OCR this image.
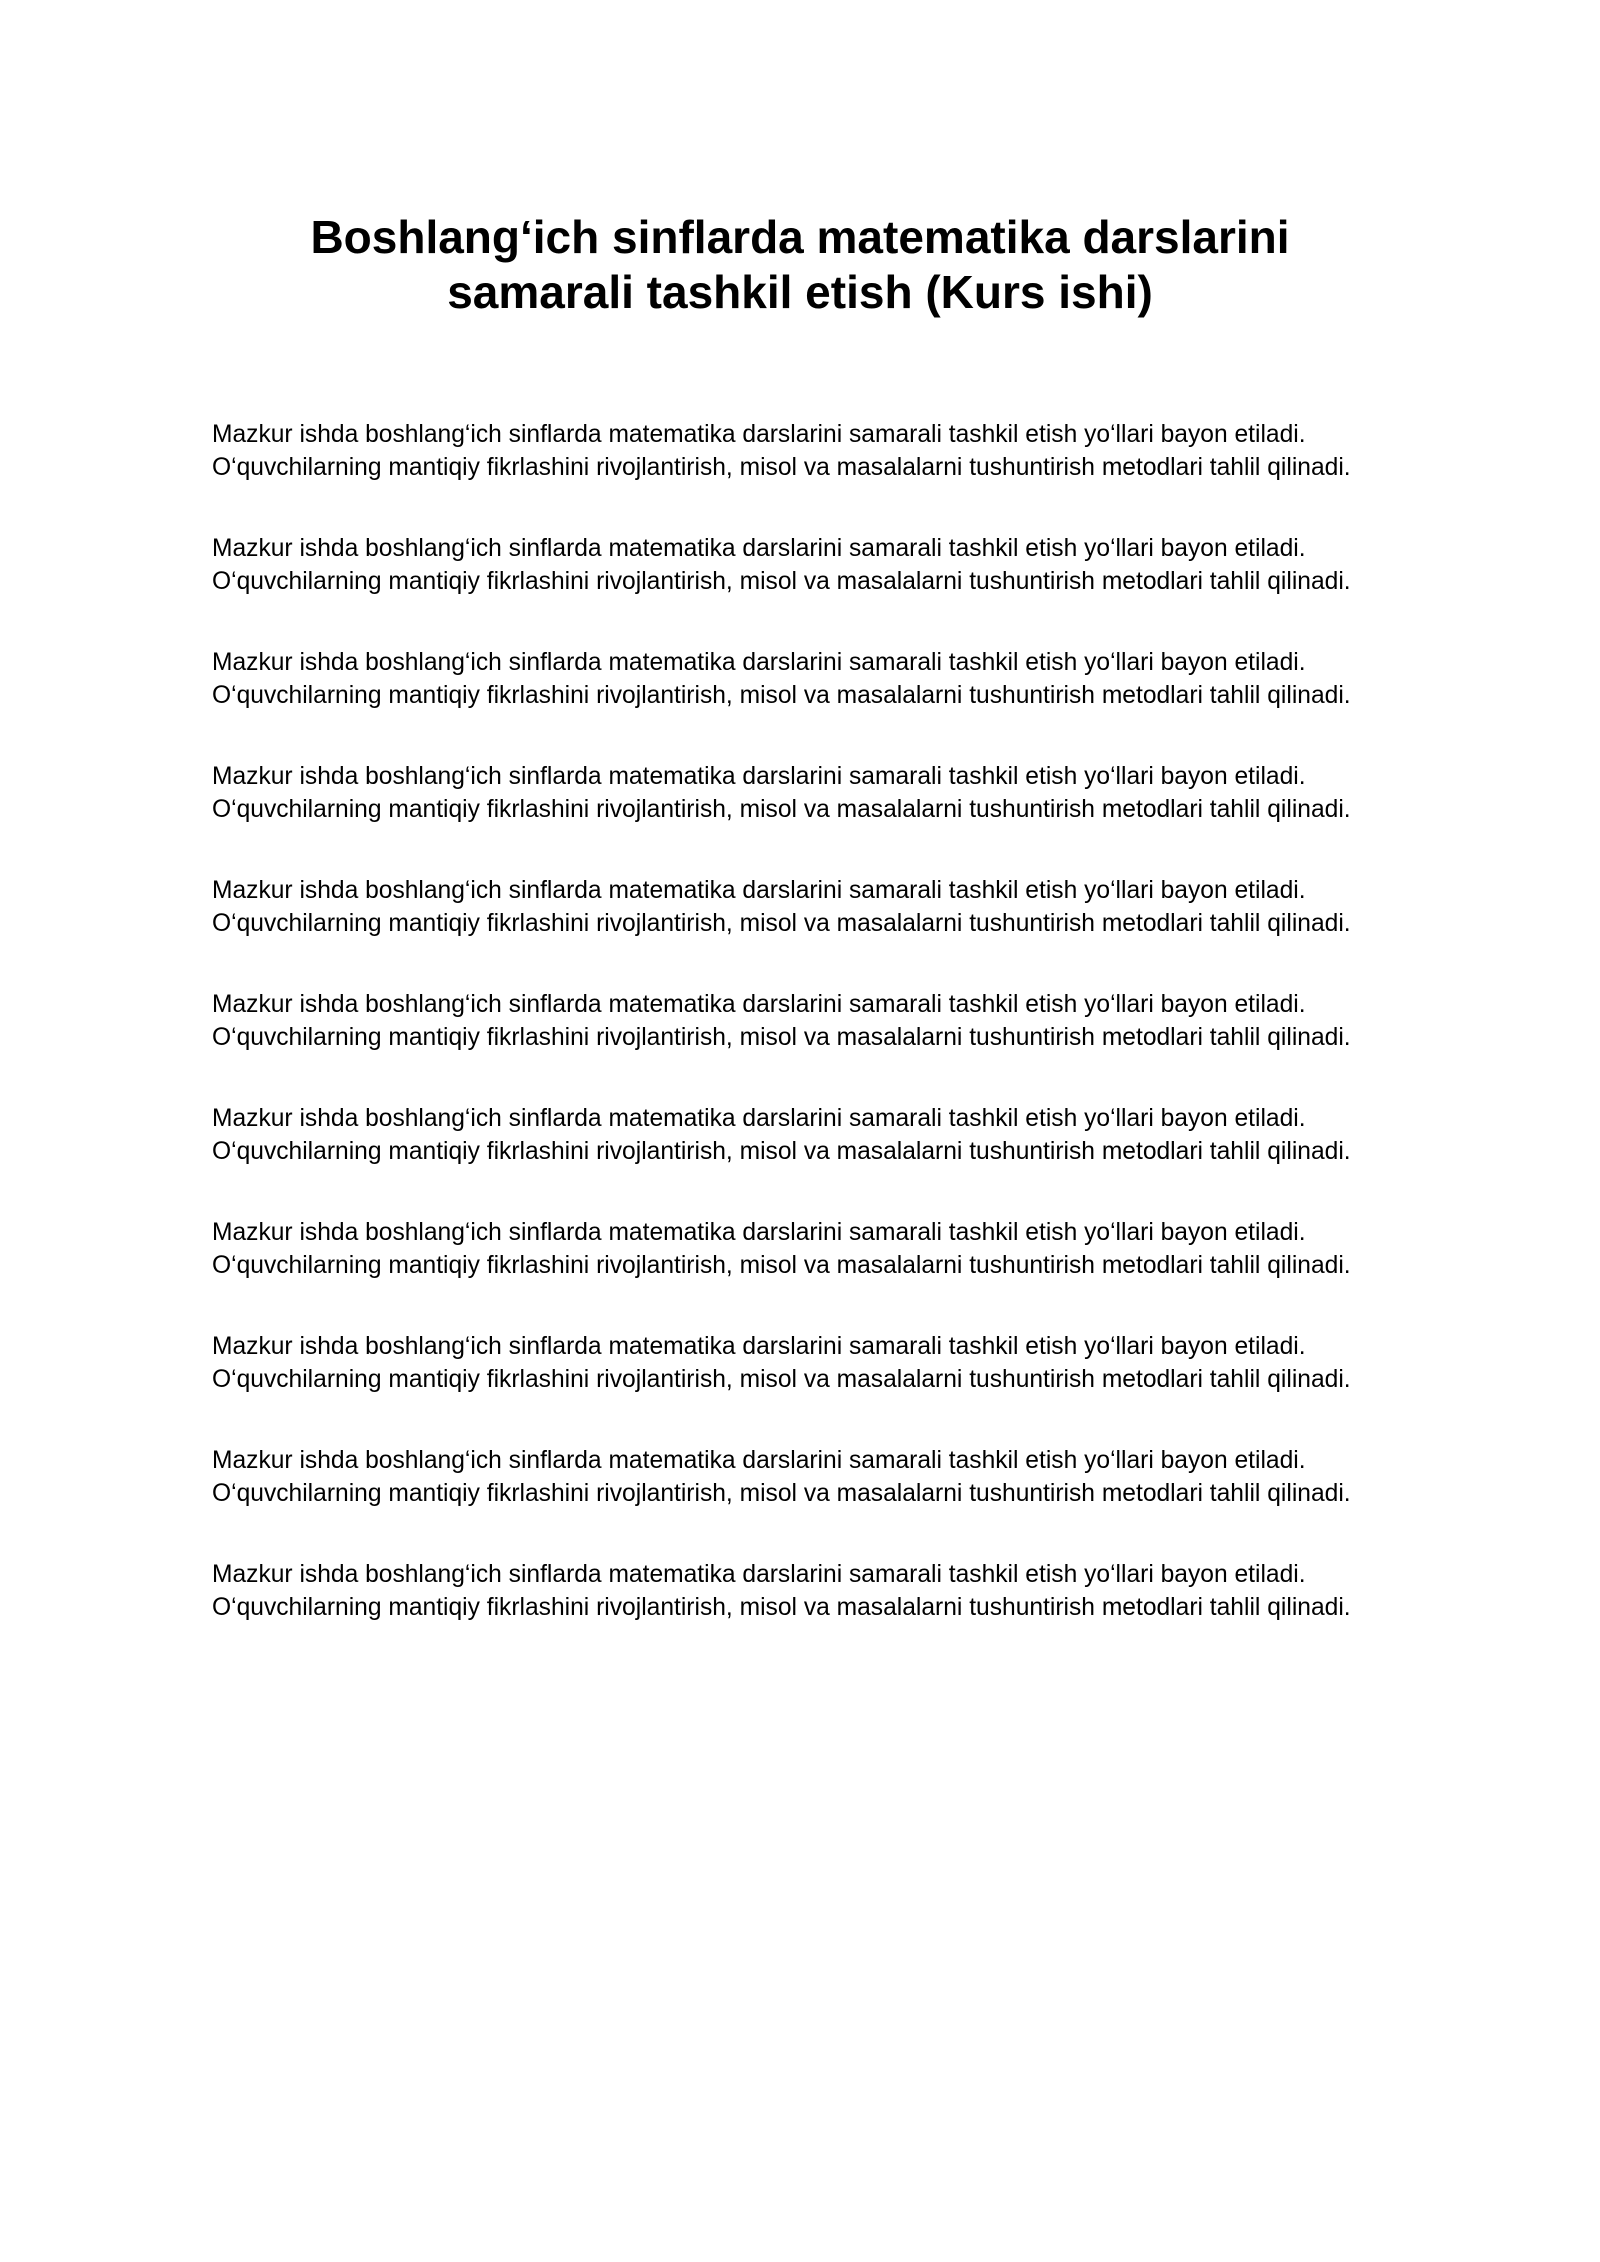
Boshlang‘ich sinflarda matematika darslarini samarali tashkil etish (Kurs ishi)

Mazkur ishda boshlang‘ich sinflarda matematika darslarini samarali tashkil etish yo‘llari bayon etiladi. O‘quvchilarning mantiqiy fikrlashini rivojlantirish, misol va masalalarni tushuntirish metodlari tahlil qilinadi.

Mazkur ishda boshlang‘ich sinflarda matematika darslarini samarali tashkil etish yo‘llari bayon etiladi. O‘quvchilarning mantiqiy fikrlashini rivojlantirish, misol va masalalarni tushuntirish metodlari tahlil qilinadi.

Mazkur ishda boshlang‘ich sinflarda matematika darslarini samarali tashkil etish yo‘llari bayon etiladi. O‘quvchilarning mantiqiy fikrlashini rivojlantirish, misol va masalalarni tushuntirish metodlari tahlil qilinadi.

Mazkur ishda boshlang‘ich sinflarda matematika darslarini samarali tashkil etish yo‘llari bayon etiladi. O‘quvchilarning mantiqiy fikrlashini rivojlantirish, misol va masalalarni tushuntirish metodlari tahlil qilinadi.

Mazkur ishda boshlang‘ich sinflarda matematika darslarini samarali tashkil etish yo‘llari bayon etiladi. O‘quvchilarning mantiqiy fikrlashini rivojlantirish, misol va masalalarni tushuntirish metodlari tahlil qilinadi.

Mazkur ishda boshlang‘ich sinflarda matematika darslarini samarali tashkil etish yo‘llari bayon etiladi. O‘quvchilarning mantiqiy fikrlashini rivojlantirish, misol va masalalarni tushuntirish metodlari tahlil qilinadi.

Mazkur ishda boshlang‘ich sinflarda matematika darslarini samarali tashkil etish yo‘llari bayon etiladi. O‘quvchilarning mantiqiy fikrlashini rivojlantirish, misol va masalalarni tushuntirish metodlari tahlil qilinadi.

Mazkur ishda boshlang‘ich sinflarda matematika darslarini samarali tashkil etish yo‘llari bayon etiladi. O‘quvchilarning mantiqiy fikrlashini rivojlantirish, misol va masalalarni tushuntirish metodlari tahlil qilinadi.

Mazkur ishda boshlang‘ich sinflarda matematika darslarini samarali tashkil etish yo‘llari bayon etiladi. O‘quvchilarning mantiqiy fikrlashini rivojlantirish, misol va masalalarni tushuntirish metodlari tahlil qilinadi.

Mazkur ishda boshlang‘ich sinflarda matematika darslarini samarali tashkil etish yo‘llari bayon etiladi. O‘quvchilarning mantiqiy fikrlashini rivojlantirish, misol va masalalarni tushuntirish metodlari tahlil qilinadi.

Mazkur ishda boshlang‘ich sinflarda matematika darslarini samarali tashkil etish yo‘llari bayon etiladi. O‘quvchilarning mantiqiy fikrlashini rivojlantirish, misol va masalalarni tushuntirish metodlari tahlil qilinadi.
